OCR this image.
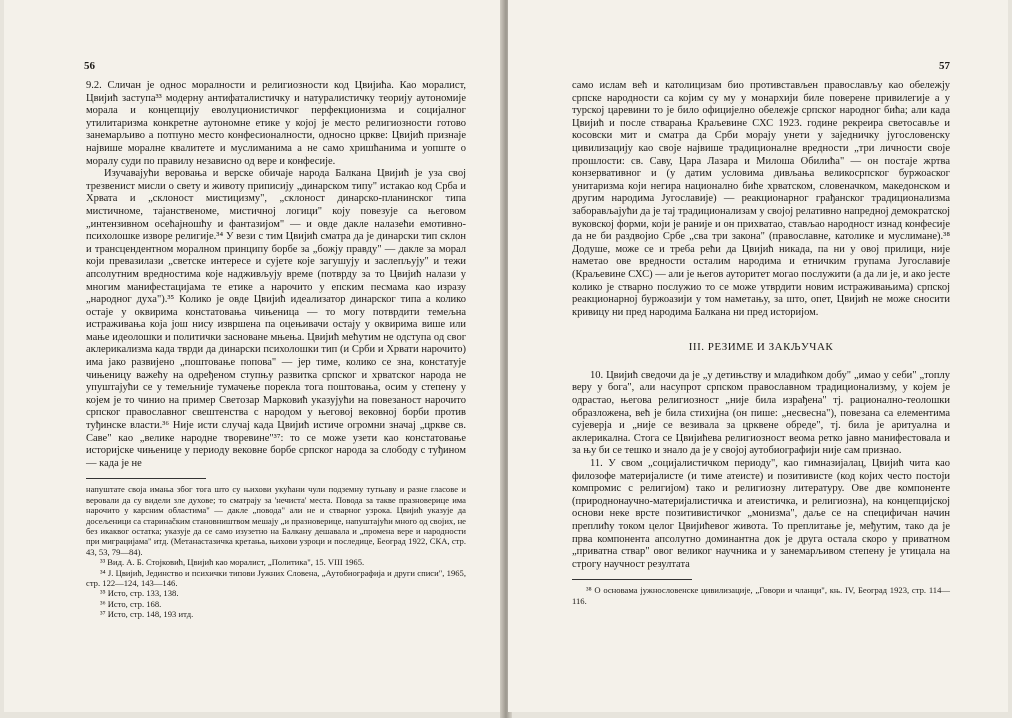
56

9.2. Сличан је однос моралности и религиозности код Цвијића. Као моралист, Цвијић заступа³³ модерну антифаталистичку и натуралистичку теорију аутономије морала и концепцију еволуционистичког перфекционизма и социјалног утилитаризма конкретне аутономне етике у којој је место религиозности готово занемарљиво а потпуно место конфесионалности, односно цркве: Цвијић признаје највише моралне квалитете и муслиманима а не само хришћанима и уопште о моралу суди по правилу независно од вере и конфесије.

Изучавајући веровања и верске обичаје народа Балкана Цвијић је уза свој трезвенист мисли о свету и животу приписију „динарском типу" истакао код Срба и Хрвата и „склоност мистицизму", „склоност динарско-планинског типа мистичноме, тајанственоме, мистичној логици" коју повезује са његовом „интензивном осећајношћу и фантазијом" — и овде дакле налазећи емотивно-психолошке изворе религије.³⁴ У вези с тим Цвијић сматра да је динарски тип склон и трансцендентном моралном принципу борбе за „божју правду" — дакле за морал који превазилази „светске интересе и сујете које загушују и заслепљују" и тежи апсолутним вредностима које надживљују време (потврду за то Цвијић налази у многим манифестацијама те етике а нарочито у епским песмама као изразу „народног духа").³⁵ Колико је овде Цвијић идеализатор динарског типа а колико остаје у оквирима констатовања чињеница — то могу потврдити темељна истраживања која још нису извршена па оцењивачи остају у оквирима више или мање идеолошки и политички засноване мњења. Цвијић мећутим не одступа од свог аклерикализма када тврди да динарски психолошки тип (и Срби и Хрвати нарочито) има јако развијено „поштовање попова" — јер тиме, колико се зна, констатује чињеницу важећу на одређеном ступњу развитка српског и хрватског народа не упуштајући се у темељније тумачење порекла тога поштовања, осим у степену у којем је то чинио на пример Светозар Марковић указујући на повезаност нарочито српског православног свештенства с народом у његовој вековној борби против туђинске власти.³⁶ Није исти случај када Цвијић истиче огромни значај „цркве св. Саве" као „велике народне творевине"³⁷: то се може узети као констатовање историјске чињенице у периоду вековне борбе српског народа за слободу с туђином — када је не

напуштате своја имања због тога што су њихови укућани чули подземну тутњаву и разне гласове и веровали да су видели зле духове; то сматрају за 'нечиста' места. Повода за такве празноверице има нарочито у карсним областима" — дакле „повода" али не и стварног узрока. Цвијић указује да досељеници са старинačким становништвом мешају „и празноверице, напуштајући много од својих, не без икаквог остатка; указује да се само изузетно на Балкану дешавала и „промена вере и народности при миграцијама" итд. (Метанастазичка кретања, њихови узроци и последице, Београд 1922, СКА, стр. 43, 53, 79—84).

³³ Вид. А. Б. Стојковић, Цвијић као моралист, „Политика", 15. VIII 1965.

³⁴ J. Цвијић, Јединство и психички типови Јужних Словена, „Аутобиографија и други списи", 1965, стр. 122—124, 143—146.

³⁵ Исто, стр. 133, 138.

³⁶ Исто, стр. 168.

³⁷ Исто, стр. 148, 193 итд.

57

само ислам већ и католицизам био противстављен православљу као обележју српске народности са којим су му у монархији биле поверене привилегије а у турској царевини то је било официјелно обележје српског народног бића; али када Цвијић и после стварања Краљевине СХС 1923. године рекреира светосавље и косовски мит и сматра да Срби морају унети у заједничку југословенску цивилизацију као своје највише традиционалне вредности „три личности своје прошлости: св. Саву, Цара Лазара и Милоша Обилића" — он постаје жртва конзервативног и (у датим условима дивљања великосрпског буржоаског унитаризма који негира национално биће хрватском, словеначком, македонском и другим народима Југославије) — реакционарног грађанског традиционализма заборављајући да је тај традиционализам у својој релативно напредној демократској вуковској форми, који је раније и он прихватао, стављао народност изнад конфесије да не би раздвојио Србе „сва три закона" (православне, католике и муслимане).³⁸ Додуше, може се и треба рећи да Цвијић никада, па ни у овој прилици, није наметао ове вредности осталим народима и етничким групама Југославије (Краљевине СХС) — али је његов ауторитет могао послужити (а да ли је, и ако јесте колико је стварно послужио то се може утврдити новим истраживањима) српској реакционарној буржоазији у том наметању, за што, опет, Цвијић не може сносити кривицу ни пред народима Балкана ни пред историјом.

III. РЕЗИМЕ И ЗАКЉУЧАК

10. Цвијић сведочи да је „у детињству и младићком добу" „имао у себи" „топлу веру у бога", али насупрот српском православном традиционализму, у којем је одрастао, његова религиозност „није била израђена" тј. рационално-теолошки образложена, већ је била стихијна (он пише: „несвесна"), повезана са елементима сујеверја и „није се везивала за црквене обреде", тј. била је аритуална и аклерикална. Стога се Цвијићева религиозност веома ретко јавно манифестовала и за њу би се тешко и знало да је у својој аутобиографији није сам признао.

11. У свом „социјалистичком периоду", као гимназијалац, Цвијић чита као филозофе материјалисте (и тиме атеисте) и позитивисте (код којих често постоји компромис с религијом) тако и религиозну литературу. Ове две компоненте (природнонаучно-материјалистичка и атеистичка, и религиозна), на концепцијској основи неке врсте позитивистичког „монизма", даље се на специфичан начин преплићу током целог Цвијићевог живота. То преплитање је, међутим, тако да је прва компонента апсолутно доминантна док је друга остала скоро у приватном „приватна ствар" овог великог научника и у занемарљивом степену је утицала на строгу научност резултата

³⁸ О основама јужнословенске цивилизације, „Говори и чланци", књ. IV, Београд 1923, стр. 114—116.
